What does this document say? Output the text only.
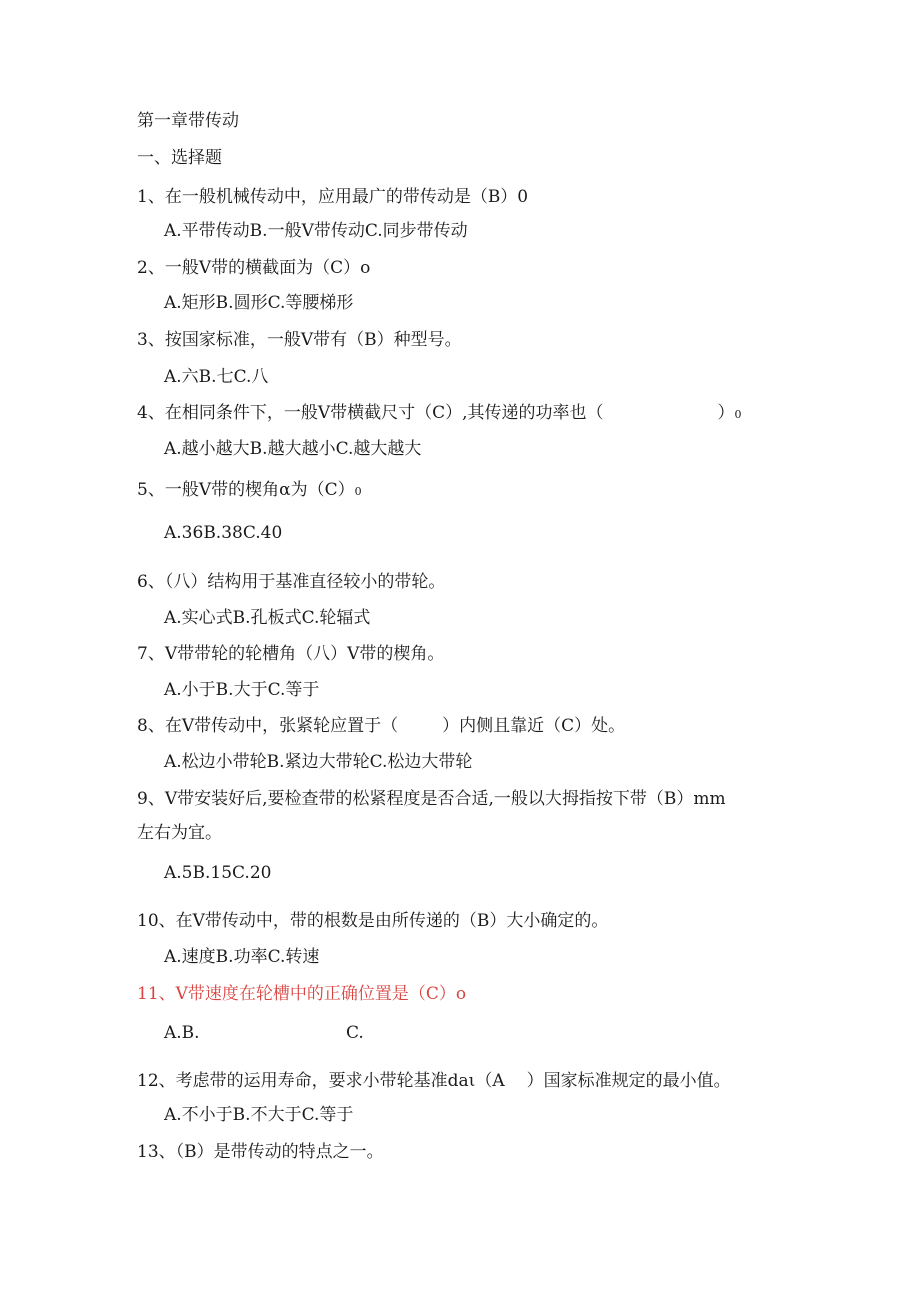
第一章带传动
一、选择题
1、在一般机械传动中，应用最广的带传动是（B）0
A.平带传动B.一般V带传动C.同步带传动
2、一般V带的横截面为（C）o
A.矩形B.圆形C.等腰梯形
3、按国家标准，一般V带有（B）种型号。
A.六B.七C.八
4、在相同条件下，一般V带横截尺寸（C）,其传递的功率也（	）0
A.越小越大B.越大越小C.越大越大
5、一般V带的楔角α为（C）0
A.36B.38C.40
6、（八）结构用于基准直径较小的带轮。
A.实心式B.孔板式C.轮辐式
7、V带带轮的轮槽角（八）V带的楔角。
A.小于B.大于C.等于
8、在V带传动中，张紧轮应置于（	）内侧且靠近（C）处。
A.松边小带轮B.紧边大带轮C.松边大带轮
9、V带安装好后,要检查带的松紧程度是否合适,一般以大拇指按下带（B）mm
左右为宜。
A.5B.15C.20
10、在V带传动中，带的根数是由所传递的（B）大小确定的。
A.速度B.功率C.转速
11、V带速度在轮槽中的正确位置是（C）o
A.B.	C.
12、考虑带的运用寿命，要求小带轮基准daι（A ）国家标准规定的最小值。
A.不小于B.不大于C.等于
13、（B）是带传动的特点之一。
